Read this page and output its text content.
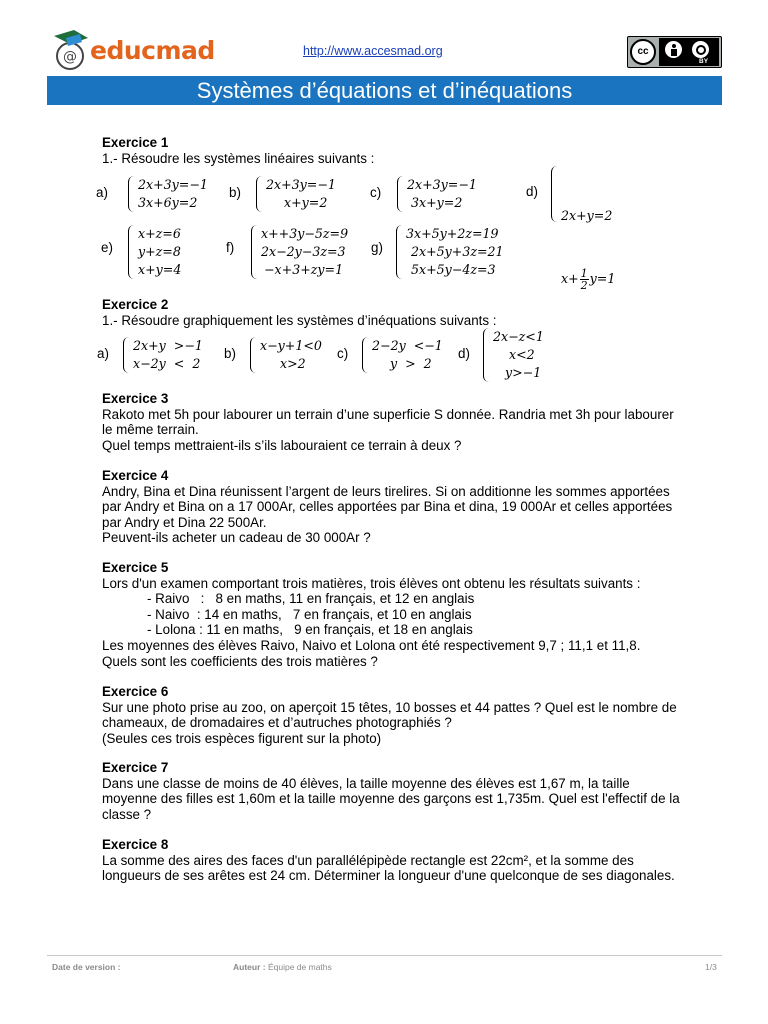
@ educmad	http://www.accesmad.org	cc
BY SA
Systèmes d’équations et d’inéquations
Exercice 1
1.- Résoudre les systèmes linéaires suivants :
a)
2x+3y=−1
3x+6y=2
b)
2x+3y=−1
x+y=2
c)
2x+3y=−1
3x+y=2
d)

2x+y=2

$x+ \frac{1}{2} y=1$

e)
x+z=6
y+z=8
x+y=4
f)
x++3y−5z=9
2x−2y−3z=3
−x+3+zy=1
g)
3x+5y+2z=19
2x+5y+3z=21
5x+5y−4z=3
Exercice 2
1.- Résoudre graphiquement les systèmes d’inéquations suivants :
a)
2x+y  >−1
x−2y  <  2
b)
x−y+1<0
x>2
c)
2−2y  <−1
y  >  2
d)
2x−z<1
x<2
y>−1
Exercice 3
Rakoto met 5h pour labourer un terrain d’une superficie S donnée. Randria met 3h pour labourer
le même terrain.
Quel temps mettraient-ils s’ils labouraient ce terrain à deux ?
Exercice 4
Andry, Bina et Dina réunissent l’argent de leurs tirelires. Si on additionne les sommes apportées
par Andry et Bina on a 17 000Ar, celles apportées par Bina et dina, 19 000Ar et celles apportées
par Andry et Dina 22 500Ar.
Peuvent-ils acheter un cadeau de 30 000Ar ?
Exercice 5
Lors d'un examen comportant trois matières, trois élèves ont obtenu les résultats suivants :
- Raivo   :   8 en maths, 11 en français, et 12 en anglais
- Naivo  : 14 en maths,   7 en français, et 10 en anglais
- Lolona : 11 en maths,   9 en français, et 18 en anglais
Les moyennes des élèves Raivo, Naivo et Lolona ont été respectivement 9,7 ; 11,1 et 11,8.
Quels sont les coefficients des trois matières ?
Exercice 6
Sur une photo prise au zoo, on aperçoit 15 têtes, 10 bosses et 44 pattes ? Quel est le nombre de
chameaux, de dromadaires et d’autruches photographiés ?
(Seules ces trois espèces figurent sur la photo)
Exercice 7
Dans une classe de moins de 40 élèves, la taille moyenne des élèves est 1,67 m, la taille
moyenne des filles est 1,60m et la taille moyenne des garçons est 1,735m. Quel est l'effectif de la
classe ?
Exercice 8
La somme des aires des faces d'un parallélépipède rectangle est 22cm², et la somme des
longueurs de ses arêtes est 24 cm. Déterminer la longueur d'une quelconque de ses diagonales.
Date de version :	Auteur : Équipe de maths	1/3
